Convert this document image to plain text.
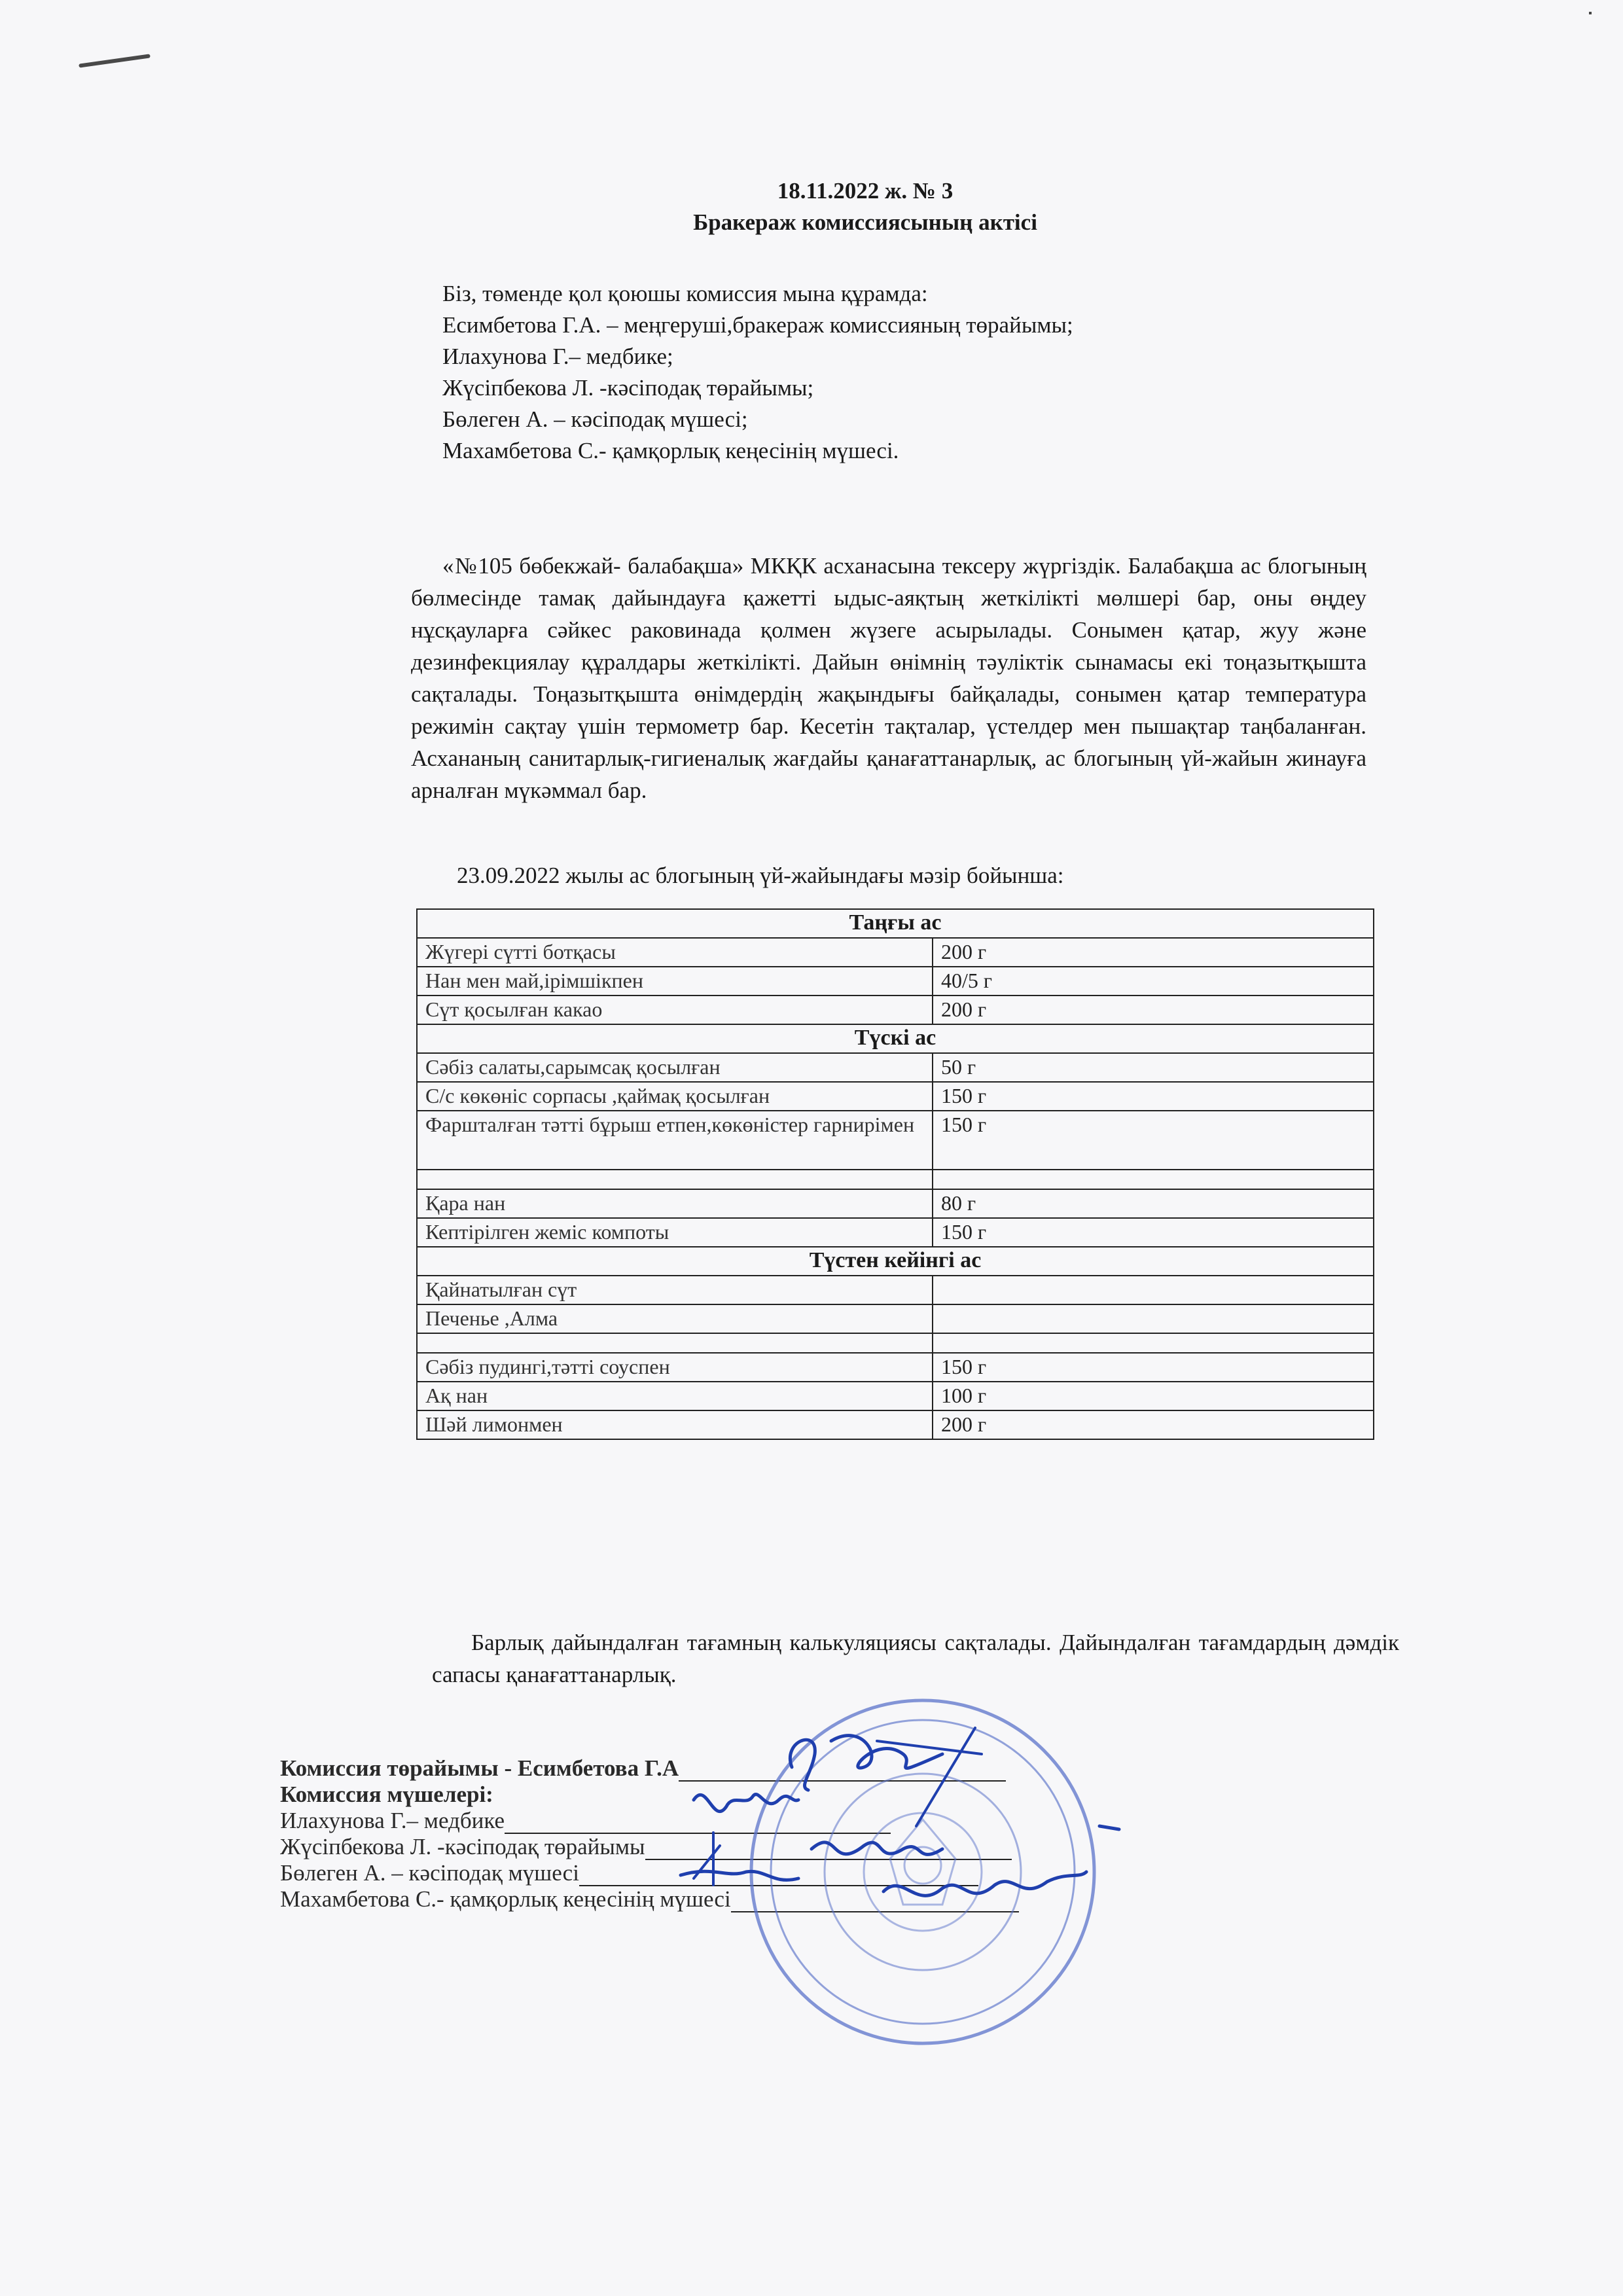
18.11.2022 ж. № 3
Бракераж комиссиясының актісі
Біз, төменде қол қоюшы комиссия мына құрамда:
Есимбетова Г.А. – меңгеруші,бракераж комиссияның төрайымы;
Илахунова Г.– медбике;
Жүсіпбекова Л. -кәсіподақ төрайымы;
Бөлеген А. – кәсіподақ мүшесі;
Махамбетова С.- қамқорлық кеңесінің мүшесі.
«№105 бөбекжай- балабақша» МКҚК асханасына тексеру жүргіздік. Балабақша ас блогының бөлмесінде тамақ дайындауға қажетті ыдыс-аяқтың жеткілікті мөлшері бар, оны өңдеу нұсқауларға сәйкес раковинада қолмен жүзеге асырылады. Сонымен қатар, жуу және дезинфекциялау құралдары жеткілікті. Дайын өнімнің тәуліктік сынамасы екі тоңазытқышта сақталады. Тоңазытқышта өнімдердің жақындығы байқалады, сонымен қатар температура режимін сақтау үшін термометр бар. Кесетін тақталар, үстелдер мен пышақтар таңбаланған. Асхананың санитарлық-гигиеналық жағдайы қанағаттанарлық, ас блогының үй-жайын жинауға арналған мүкәммал бар.
23.09.2022 жылы ас блогының үй-жайындағы мәзір бойынша:
Таңғы ас	
Жүгері сүтті ботқасы	200 г
Нан мен май,ірімшікпен	40/5 г
Сүт қосылған какао	200 г
Түскі ас	
Сәбіз салаты,сарымсақ қосылған	50 г
С/с көкөніс сорпасы ,қаймақ қосылған	150 г
Фаршталған тәтті бұрыш етпен,көкөністер гарнирімен	150 г

Қара нан	80 г
Кептірілген жеміс компоты	150 г
Түстен кейінгі ас	
Қайнатылған сүт	
Печенье ,Алма	

Сәбіз пудингі,тәтті соуспен	150 г
Ақ нан	100 г
Шәй лимонмен	200 г
Барлық дайындалған тағамның калькуляциясы сақталады. Дайындалған тағамдардың дәмдік сапасы қанағаттанарлық.
Комиссия төрайымы - Есимбетова Г.А
Комиссия мүшелері:
Илахунова Г.– медбике
Жүсіпбекова Л. -кәсіподақ төрайымы
Бөлеген А. – кәсіподақ мүшесі
Махамбетова С.- қамқорлық кеңесінің мүшесі
